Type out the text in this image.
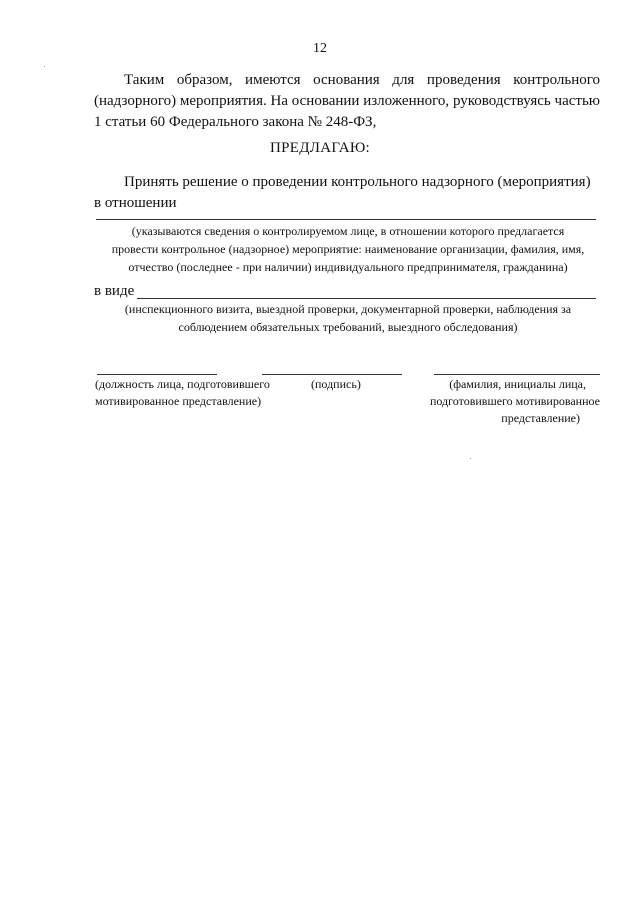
12
Таким образом, имеются основания для проведения контрольного
(надзорного) мероприятия. На основании изложенного, руководствуясь частью
1 статьи 60 Федерального закона № 248-ФЗ,
ПРЕДЛАГАЮ:
Принять решение о проведении контрольного надзорного (мероприятия)
в отношении
(указываются сведения о контролируемом лице, в отношении которого предлагается
провести контрольное (надзорное) мероприятие: наименование организации, фамилия, имя,
отчество (последнее - при наличии) индивидуального предпринимателя, гражданина)
в виде
(инспекционного визита, выездной проверки, документарной проверки, наблюдения за
соблюдением обязательных требований, выездного обследования)
(должность лица, подготовившего
мотивированное представление)
(подпись)	(фамилия, инициалы лица,
подготовившего мотивированное
представление)
